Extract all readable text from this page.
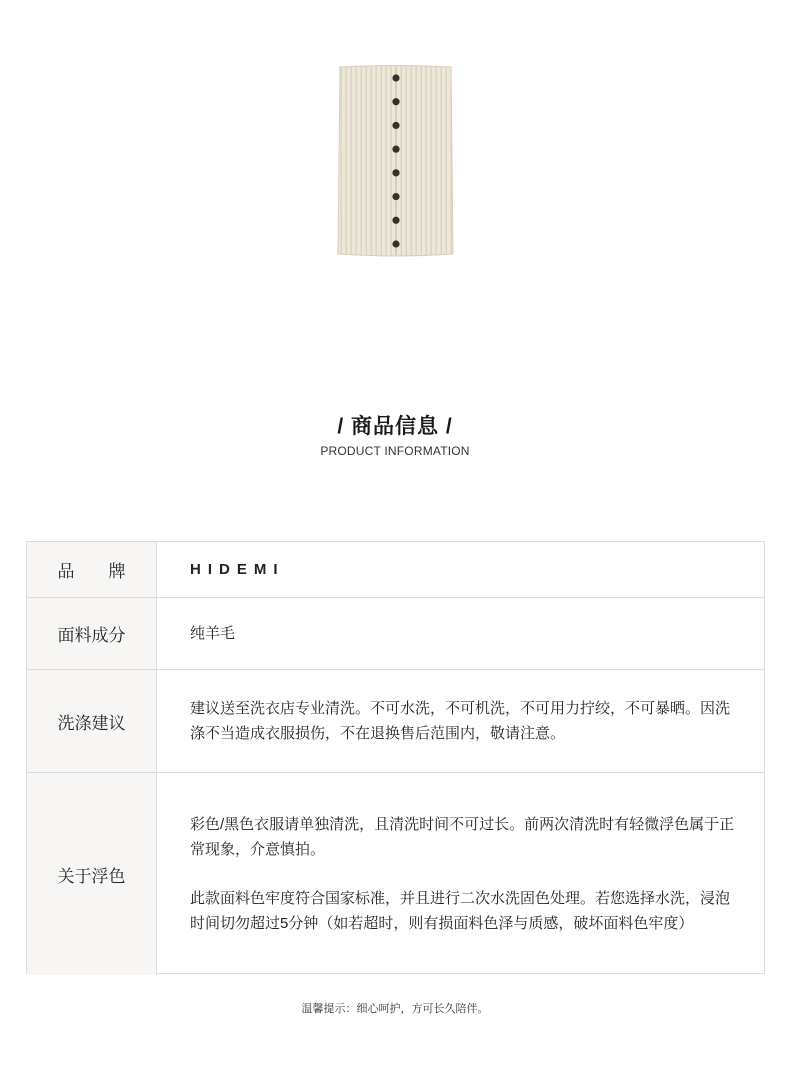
/ 商品信息 /
PRODUCT INFORMATION
品　　牌	HIDEMI
面料成分	纯羊毛
洗涤建议
建议送至洗衣店专业清洗。不可水洗，不可机洗，不可用力拧绞，不可暴晒。因洗涤不当造成衣服损伤，不在退换售后范围内，敬请注意。
关于浮色
彩色/黑色衣服请单独清洗，且清洗时间不可过长。前两次清洗时有轻微浮色属于正常现象，介意慎拍。
此款面料色牢度符合国家标准，并且进行二次水洗固色处理。若您选择水洗，浸泡时间切勿超过5分钟（如若超时，则有损面料色泽与质感，破坏面料色牢度）
温馨提示：细心呵护，方可长久陪伴。
